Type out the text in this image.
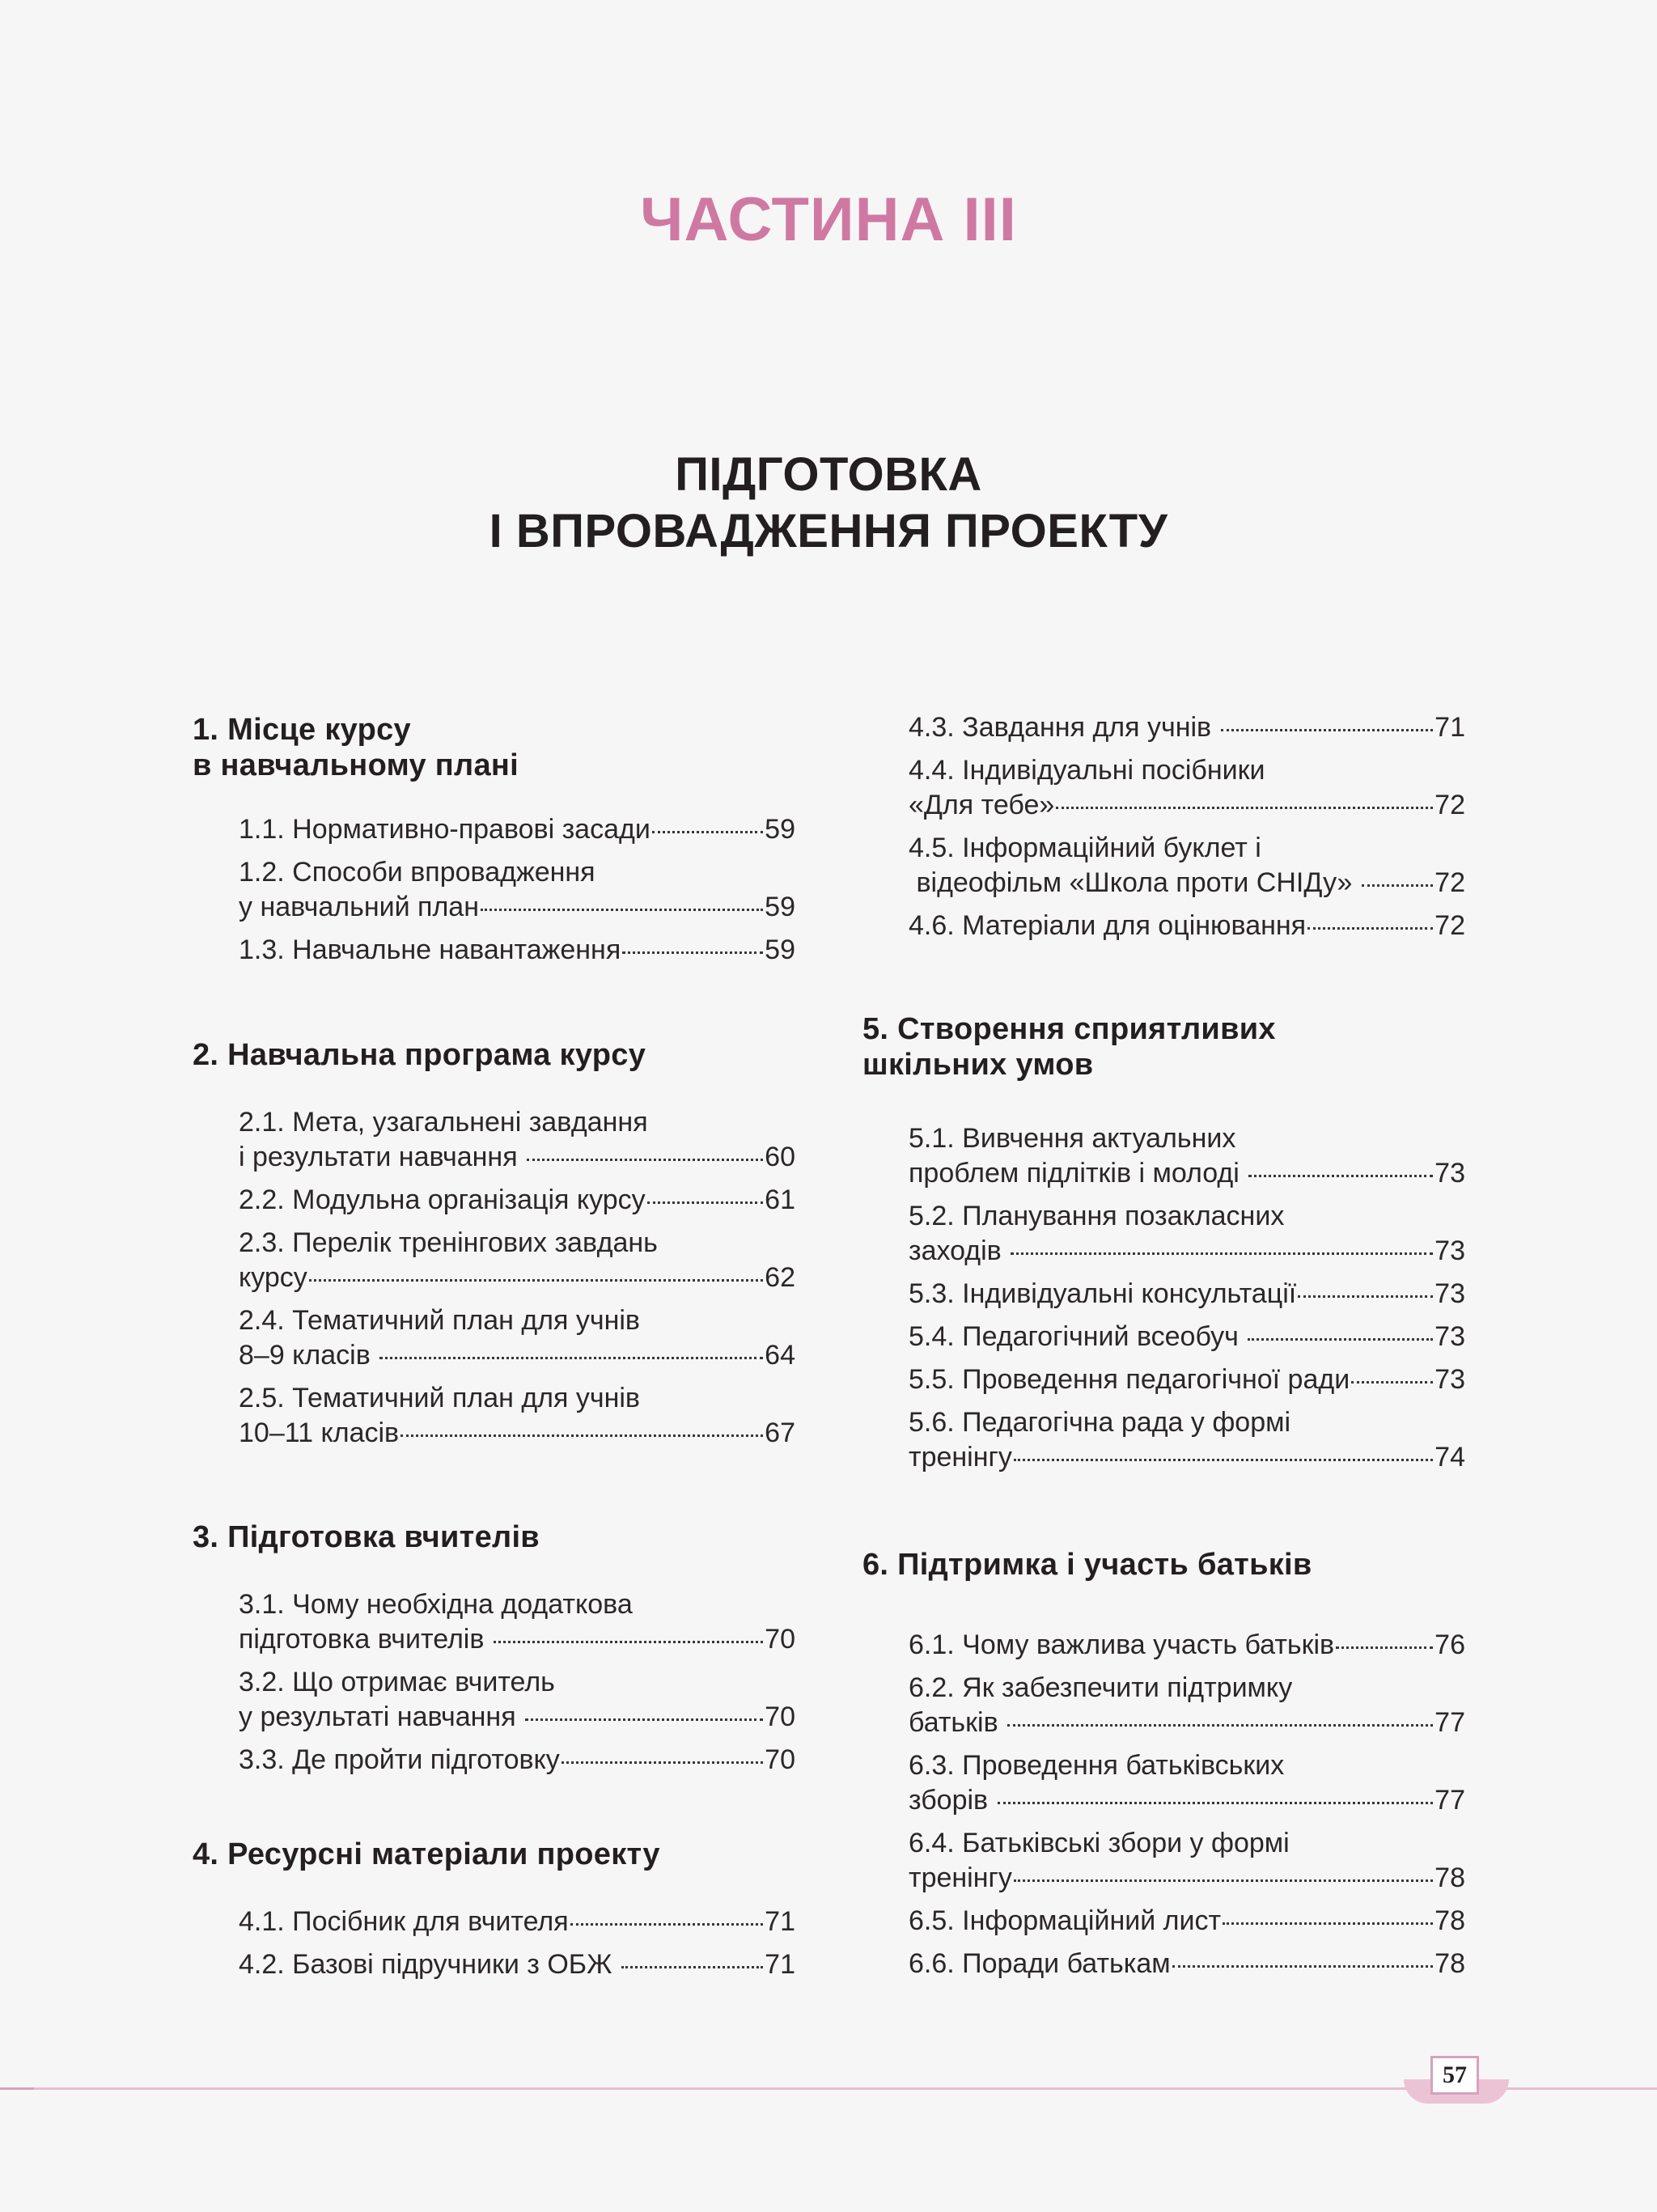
ЧАСТИНА ІІІ
ПІДГОТОВКА
І ВПРОВАДЖЕННЯ ПРОЕКТУ
1. Місце курсу
в навчальному плані
1.1. Нормативно-правові засади	59
1.2. Способи впровадження
у навчальний план	59
1.3. Навчальне навантаження	59
2. Навчальна програма курсу
2.1. Мета, узагальнені завдання
і результати навчання	60
2.2. Модульна організація курсу	61
2.3. Перелік тренінгових завдань
курсу	62
2.4. Тематичний план для учнів
8–9 класів	64
2.5. Тематичний план для учнів
10–11 класів	67
3. Підготовка вчителів
3.1. Чому необхідна додаткова
підготовка вчителів	70
3.2. Що отримає вчитель
у результаті навчання	70
3.3. Де пройти підготовку	70
4. Ресурсні матеріали проекту
4.1. Посібник для вчителя	71
4.2. Базові підручники з ОБЖ	71
4.3. Завдання для учнів	71
4.4. Індивідуальні посібники
«Для тебе»	72
4.5. Інформаційний буклет і
відеофільм «Школа проти СНІДу»	72
4.6. Матеріали для оцінювання	72
5. Створення сприятливих
шкільних умов
5.1. Вивчення актуальних
проблем підлітків і молоді	73
5.2. Планування позакласних
заходів	73
5.3. Індивідуальні консультації	73
5.4. Педагогічний всеобуч	73
5.5. Проведення педагогічної ради	73
5.6. Педагогічна рада у формі
тренінгу	74
6. Підтримка і участь батьків
6.1. Чому важлива участь батьків	76
6.2. Як забезпечити підтримку
батьків	77
6.3. Проведення батьківських
зборів	77
6.4. Батьківські збори у формі
тренінгу	78
6.5. Інформаційний лист	78
6.6. Поради батькам	78
57
